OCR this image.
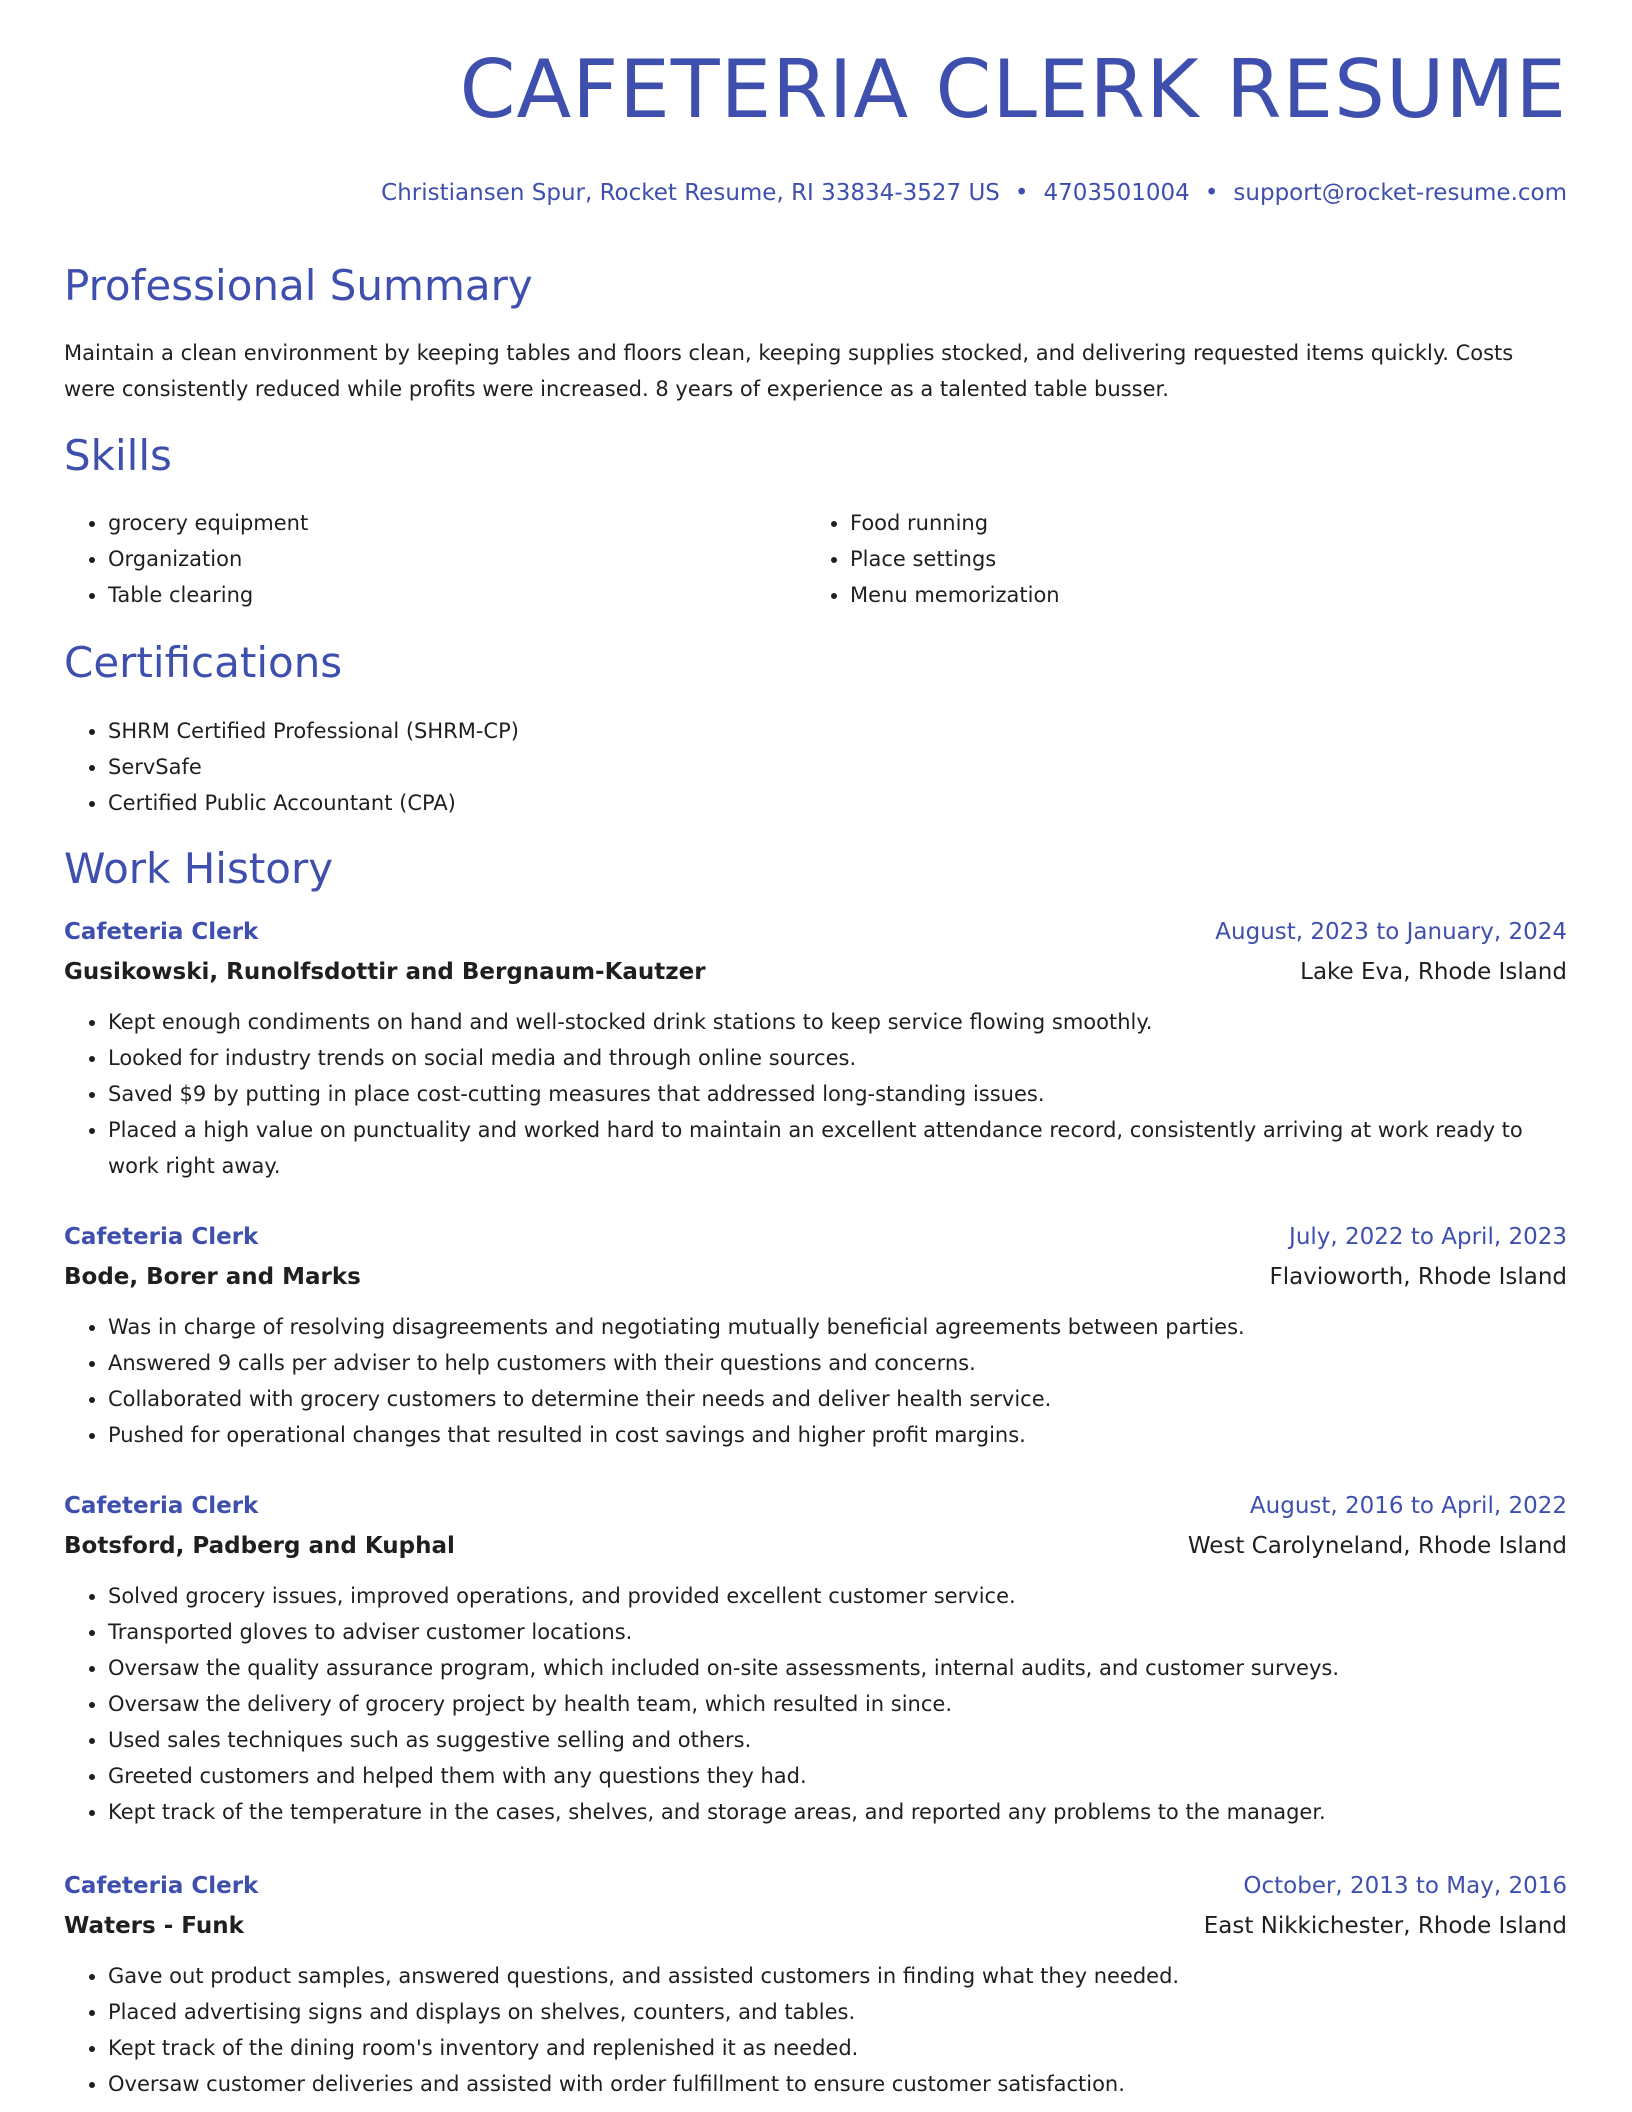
CAFETERIA CLERK RESUME
Christiansen Spur, Rocket Resume, RI 33834-3527 US • 4703501004 • support@rocket-resume.com
Professional Summary

Maintain a clean environment by keeping tables and floors clean, keeping supplies stocked, and delivering requested items quickly. Costs were consistently reduced while profits were increased. 8 years of experience as a talented table busser.

Skills
• grocery equipment
• Organization
• Table clearing
• Food running
• Place settings
• Menu memorization
Certifications
• SHRM Certified Professional (SHRM-CP)
• ServSafe
• Certified Public Accountant (CPA)
Work History
Cafeteria Clerk	August, 2023 to January, 2024
Gusikowski, Runolfsdottir and Bergnaum-Kautzer	Lake Eva, Rhode Island
• Kept enough condiments on hand and well-stocked drink stations to keep service flowing smoothly.
• Looked for industry trends on social media and through online sources.
• Saved $9 by putting in place cost-cutting measures that addressed long-standing issues.
• Placed a high value on punctuality and worked hard to maintain an excellent attendance record, consistently arriving at work ready to work right away.
Cafeteria Clerk	July, 2022 to April, 2023
Bode, Borer and Marks	Flavioworth, Rhode Island
• Was in charge of resolving disagreements and negotiating mutually beneficial agreements between parties.
• Answered 9 calls per adviser to help customers with their questions and concerns.
• Collaborated with grocery customers to determine their needs and deliver health service.
• Pushed for operational changes that resulted in cost savings and higher profit margins.
Cafeteria Clerk	August, 2016 to April, 2022
Botsford, Padberg and Kuphal	West Carolyneland, Rhode Island
• Solved grocery issues, improved operations, and provided excellent customer service.
• Transported gloves to adviser customer locations.
• Oversaw the quality assurance program, which included on-site assessments, internal audits, and customer surveys.
• Oversaw the delivery of grocery project by health team, which resulted in since.
• Used sales techniques such as suggestive selling and others.
• Greeted customers and helped them with any questions they had.
• Kept track of the temperature in the cases, shelves, and storage areas, and reported any problems to the manager.
Cafeteria Clerk	October, 2013 to May, 2016
Waters - Funk	East Nikkichester, Rhode Island
• Gave out product samples, answered questions, and assisted customers in finding what they needed.
• Placed advertising signs and displays on shelves, counters, and tables.
• Kept track of the dining room's inventory and replenished it as needed.
• Oversaw customer deliveries and assisted with order fulfillment to ensure customer satisfaction.
